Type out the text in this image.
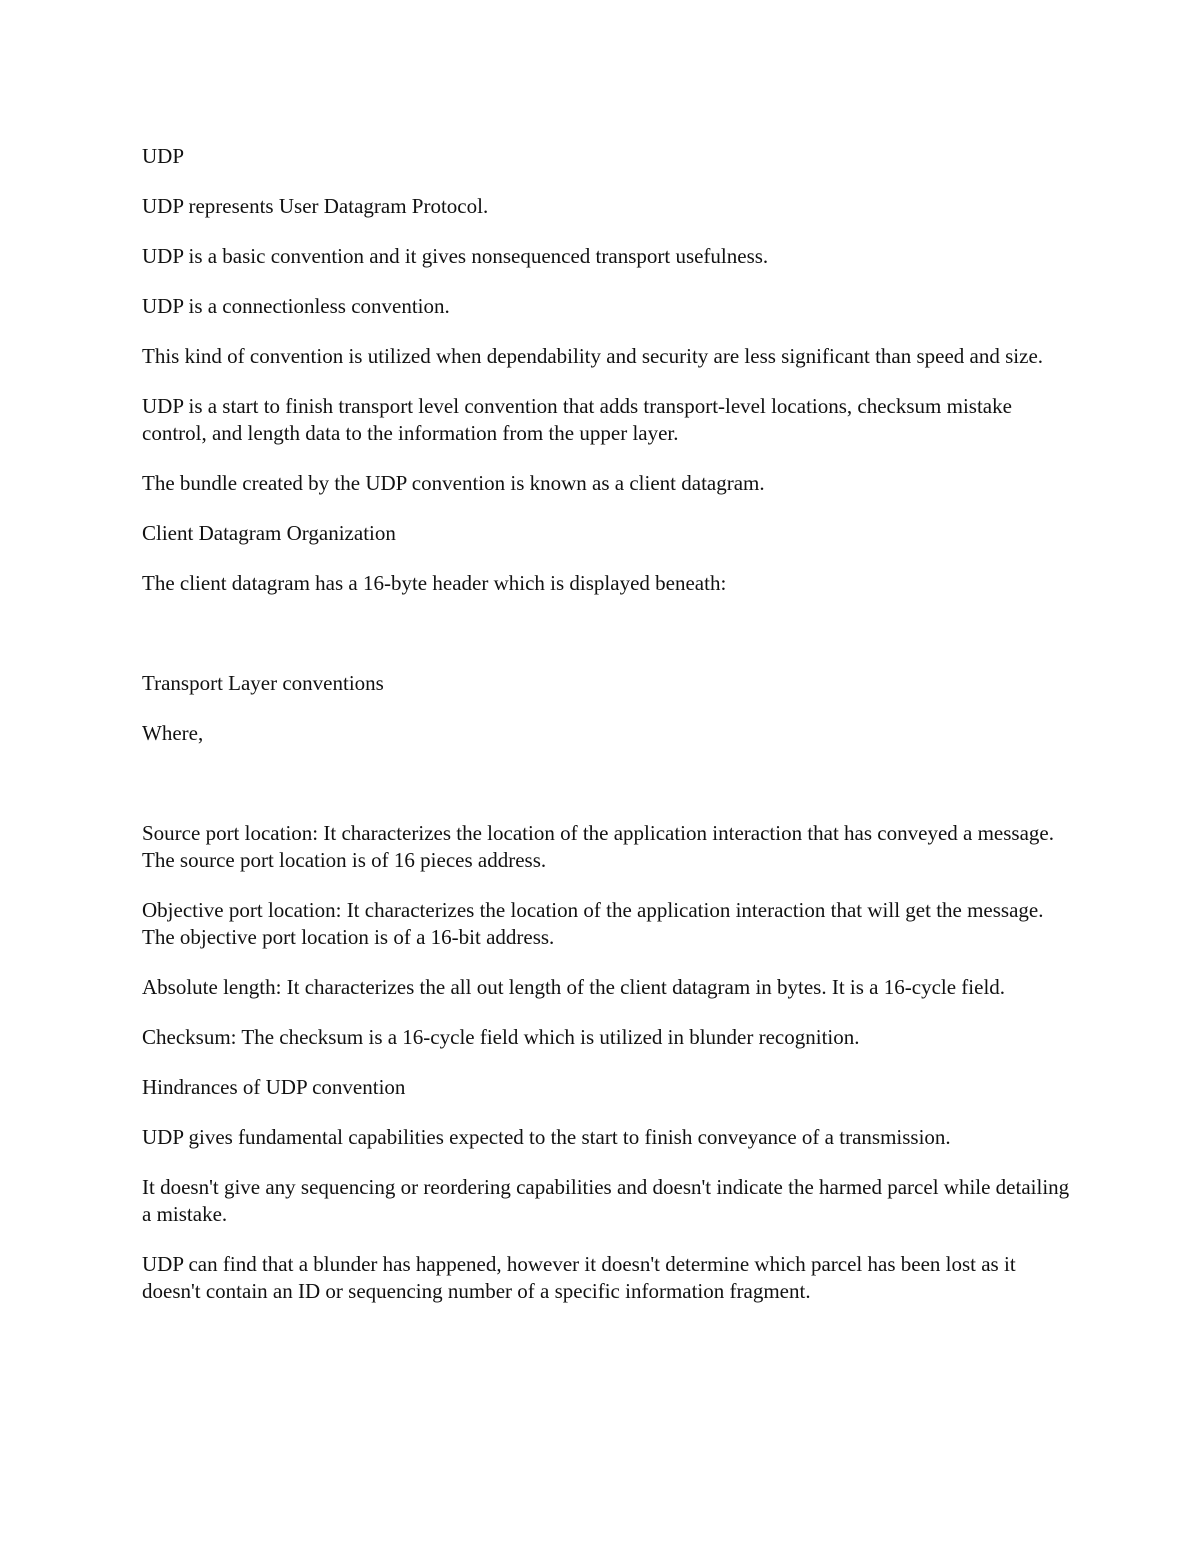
UDP

UDP represents User Datagram Protocol.

UDP is a basic convention and it gives nonsequenced transport usefulness.

UDP is a connectionless convention.

This kind of convention is utilized when dependability and security are less significant than speed and size.

UDP is a start to finish transport level convention that adds transport-level locations, checksum mistake control, and length data to the information from the upper layer.

The bundle created by the UDP convention is known as a client datagram.

Client Datagram Organization

The client datagram has a 16-byte header which is displayed beneath:

Transport Layer conventions

Where,

Source port location: It characterizes the location of the application interaction that has conveyed a message. The source port location is of 16 pieces address.

Objective port location: It characterizes the location of the application interaction that will get the message. The objective port location is of a 16-bit address.

Absolute length: It characterizes the all out length of the client datagram in bytes. It is a 16-cycle field.

Checksum: The checksum is a 16-cycle field which is utilized in blunder recognition.

Hindrances of UDP convention

UDP gives fundamental capabilities expected to the start to finish conveyance of a transmission.

It doesn't give any sequencing or reordering capabilities and doesn't indicate the harmed parcel while detailing a mistake.

UDP can find that a blunder has happened, however it doesn't determine which parcel has been lost as it doesn't contain an ID or sequencing number of a specific information fragment.
